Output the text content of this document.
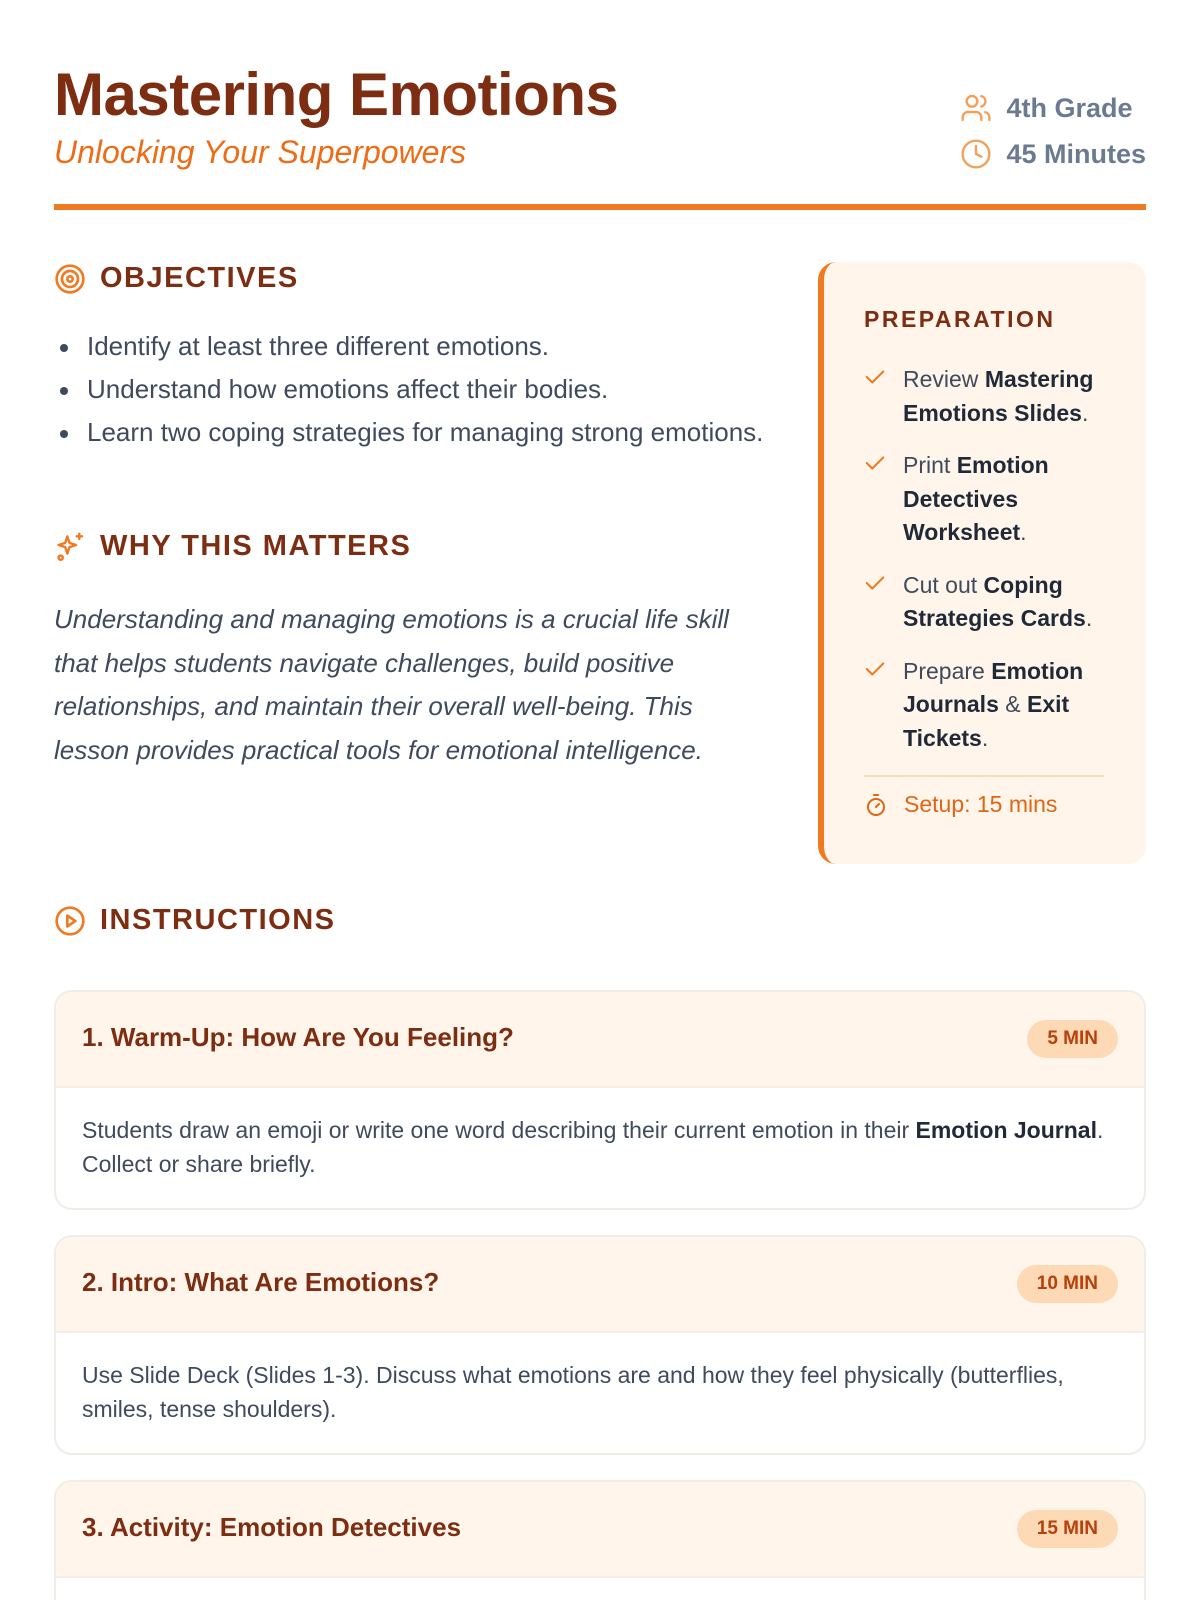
Mastering Emotions
Unlocking Your Superpowers
4th Grade
45 Minutes
OBJECTIVES
Identify at least three different emotions.
Understand how emotions affect their bodies.
Learn two coping strategies for managing strong emotions.
WHY THIS MATTERS

Understanding and managing emotions is a crucial life skill that helps students navigate challenges, build positive relationships, and maintain their overall well-being. This lesson provides practical tools for emotional intelligence.

PREPARATION
Review Mastering Emotions Slides.
Print Emotion Detectives Worksheet.
Cut out Coping Strategies Cards.
Prepare Emotion Journals & Exit Tickets.
Setup: 15 mins
INSTRUCTIONS
1. Warm-Up: How Are You Feeling?	5 MIN
Students draw an emoji or write one word describing their current emotion in their Emotion Journal. Collect or share briefly.
2. Intro: What Are Emotions?	10 MIN
Use Slide Deck (Slides 1-3). Discuss what emotions are and how they feel physically (butterflies, smiles, tense shoulders).
3. Activity: Emotion Detectives	15 MIN
